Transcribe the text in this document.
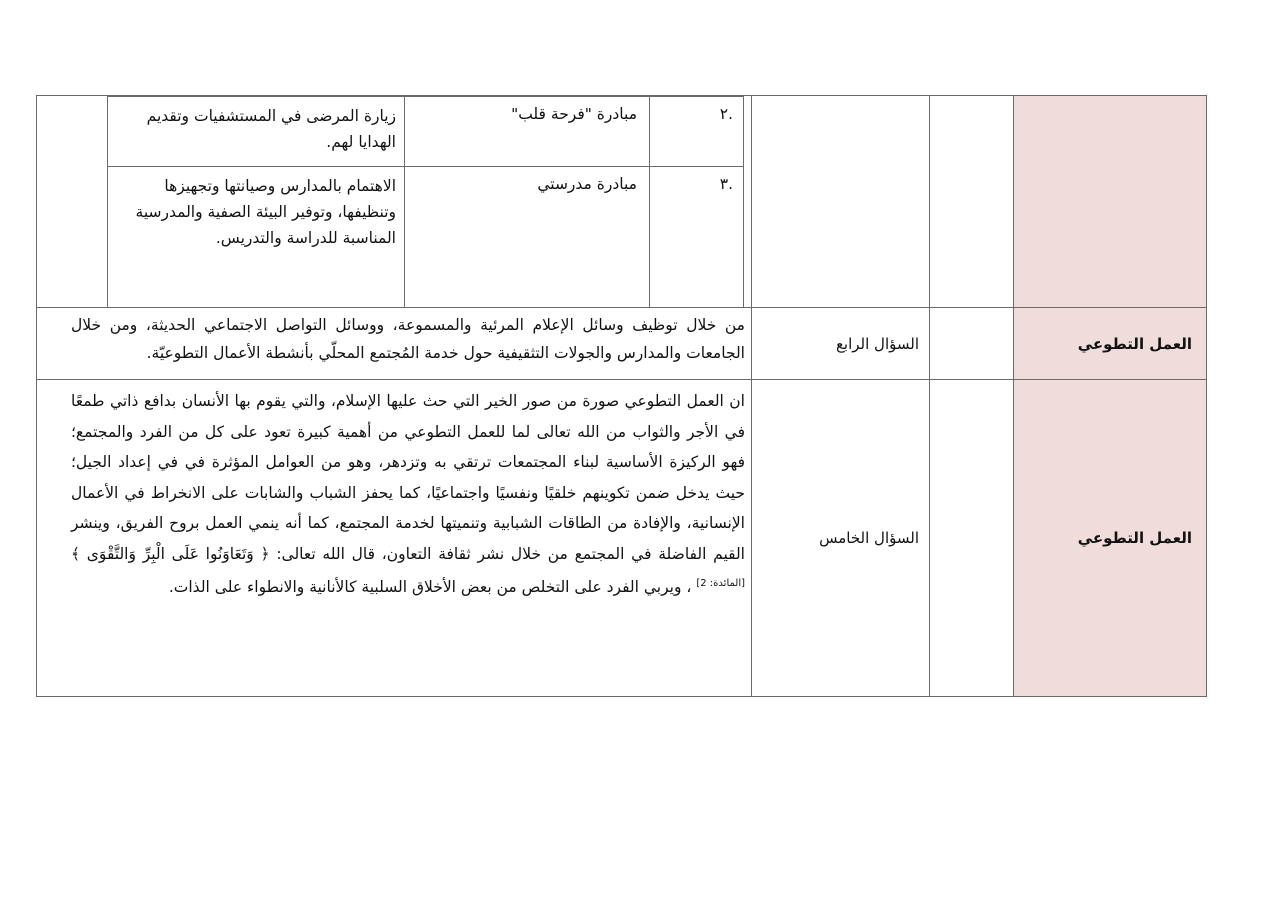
.٢
مبادرة "فرحة قلب"
زيارة المرضى في المستشفيات وتقديم الهدايا لهم.
.٣
مبادرة مدرستي
الاهتمام بالمدارس وصيانتها وتجهيزها وتنظيفها، وتوفير البيئة الصفية والمدرسية المناسبة للدراسة والتدريس.
العمل التطوعي
السؤال الرابع
من خلال توظيف وسائل الإعلام المرئية والمسموعة، ووسائل التواصل الاجتماعي الحديثة، ومن خلال الجامعات والمدارس والجولات التثقيفية حول خدمة المُجتمع المحلّي بأنشطة الأعمال التطوعيّة.
العمل التطوعي
السؤال الخامس
ان العمل التطوعي صورة من صور الخير التي حث عليها الإسلام، والتي يقوم بها الأنسان بدافع ذاتي طمعًا في الأجر والثواب من الله تعالى لما للعمل التطوعي من أهمية كبيرة تعود على كل من الفرد والمجتمع؛ فهو الركيزة الأساسية لبناء المجتمعات ترتقي به وتزدهر، وهو من العوامل المؤثرة في في إعداد الجيل؛ حيث يدخل ضمن تكوينهم خلقيًا ونفسيًا واجتماعيًا، كما يحفز الشباب والشابات على الانخراط في الأعمال الإنسانية، والإفادة من الطاقات الشبابية وتنميتها لخدمة المجتمع، كما أنه ينمي العمل بروح الفريق، وينشر القيم الفاضلة في المجتمع من خلال نشر ثقافة التعاون، قال الله تعالى: ﴿ وَتَعَاوَنُوا عَلَى الْبِرِّ وَالتَّقْوَى ﴾ [المائدة: 2] ، ويربي الفرد على التخلص من بعض الأخلاق السلبية كالأنانية والانطواء على الذات.
